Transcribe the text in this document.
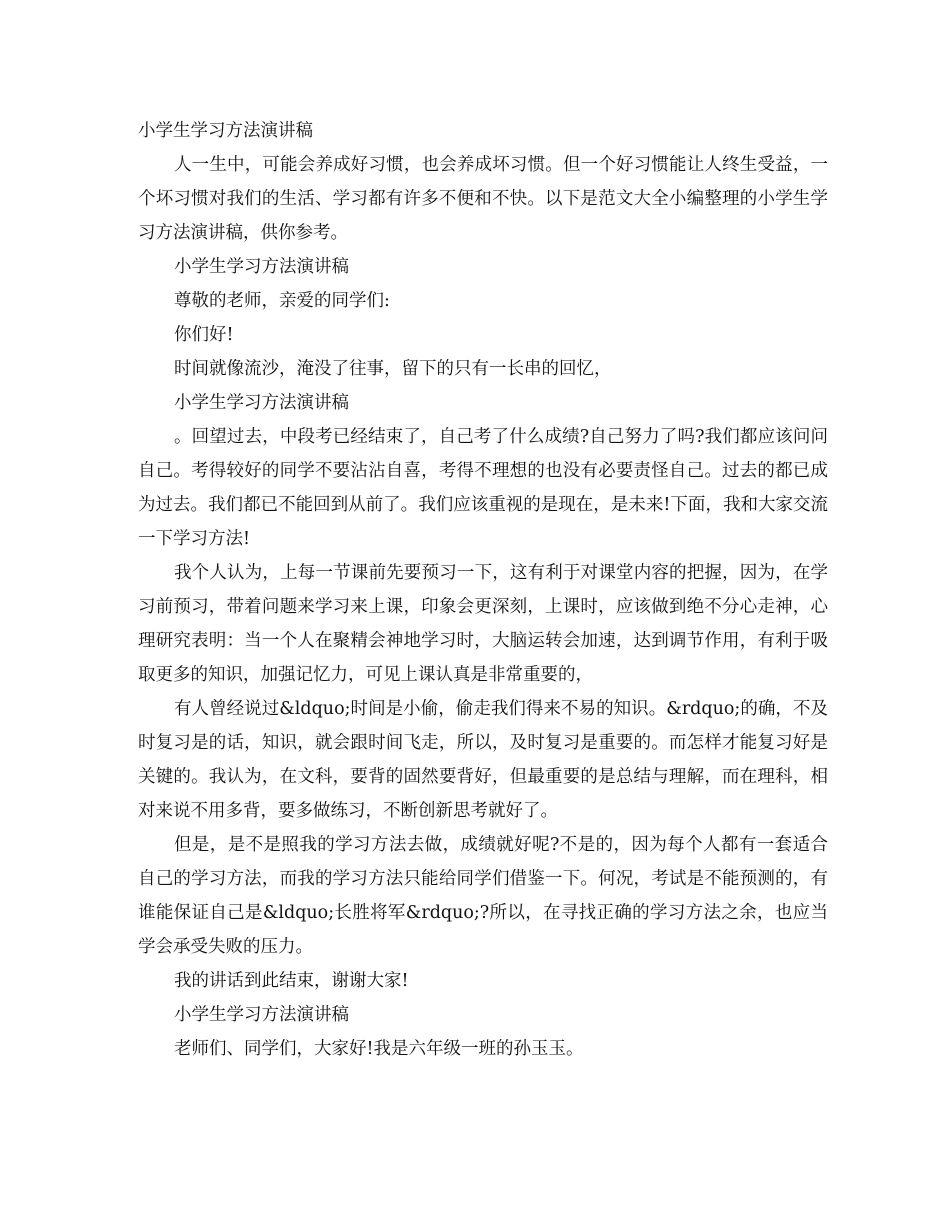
小学生学习方法演讲稿

人一生中，可能会养成好习惯，也会养成坏习惯。但一个好习惯能让人终生受益，一个坏习惯对我们的生活、学习都有许多不便和不快。以下是范文大全小编整理的小学生学习方法演讲稿，供你参考。

小学生学习方法演讲稿

尊敬的老师，亲爱的同学们:

你们好!

时间就像流沙，淹没了往事，留下的只有一长串的回忆，

小学生学习方法演讲稿

。回望过去，中段考已经结束了，自己考了什么成绩?自己努力了吗?我们都应该问问自己。考得较好的同学不要沾沾自喜，考得不理想的也没有必要责怪自己。过去的都已成为过去。我们都已不能回到从前了。我们应该重视的是现在，是未来!下面，我和大家交流一下学习方法!

我个人认为，上每一节课前先要预习一下，这有利于对课堂内容的把握，因为，在学习前预习，带着问题来学习来上课，印象会更深刻，上课时，应该做到绝不分心走神，心理研究表明：当一个人在聚精会神地学习时，大脑运转会加速，达到调节作用，有利于吸取更多的知识，加强记忆力，可见上课认真是非常重要的，

有人曾经说过&ldquo;时间是小偷，偷走我们得来不易的知识。&rdquo;的确，不及时复习是的话，知识，就会跟时间飞走，所以，及时复习是重要的。而怎样才能复习好是关键的。我认为，在文科，要背的固然要背好，但最重要的是总结与理解，而在理科，相对来说不用多背，要多做练习，不断创新思考就好了。

但是，是不是照我的学习方法去做，成绩就好呢?不是的，因为每个人都有一套适合自己的学习方法，而我的学习方法只能给同学们借鉴一下。何况，考试是不能预测的，有谁能保证自己是&ldquo;长胜将军&rdquo;?所以，在寻找正确的学习方法之余，也应当学会承受失败的压力。

我的讲话到此结束，谢谢大家!

小学生学习方法演讲稿

老师们、同学们，大家好!我是六年级一班的孙玉玉。
